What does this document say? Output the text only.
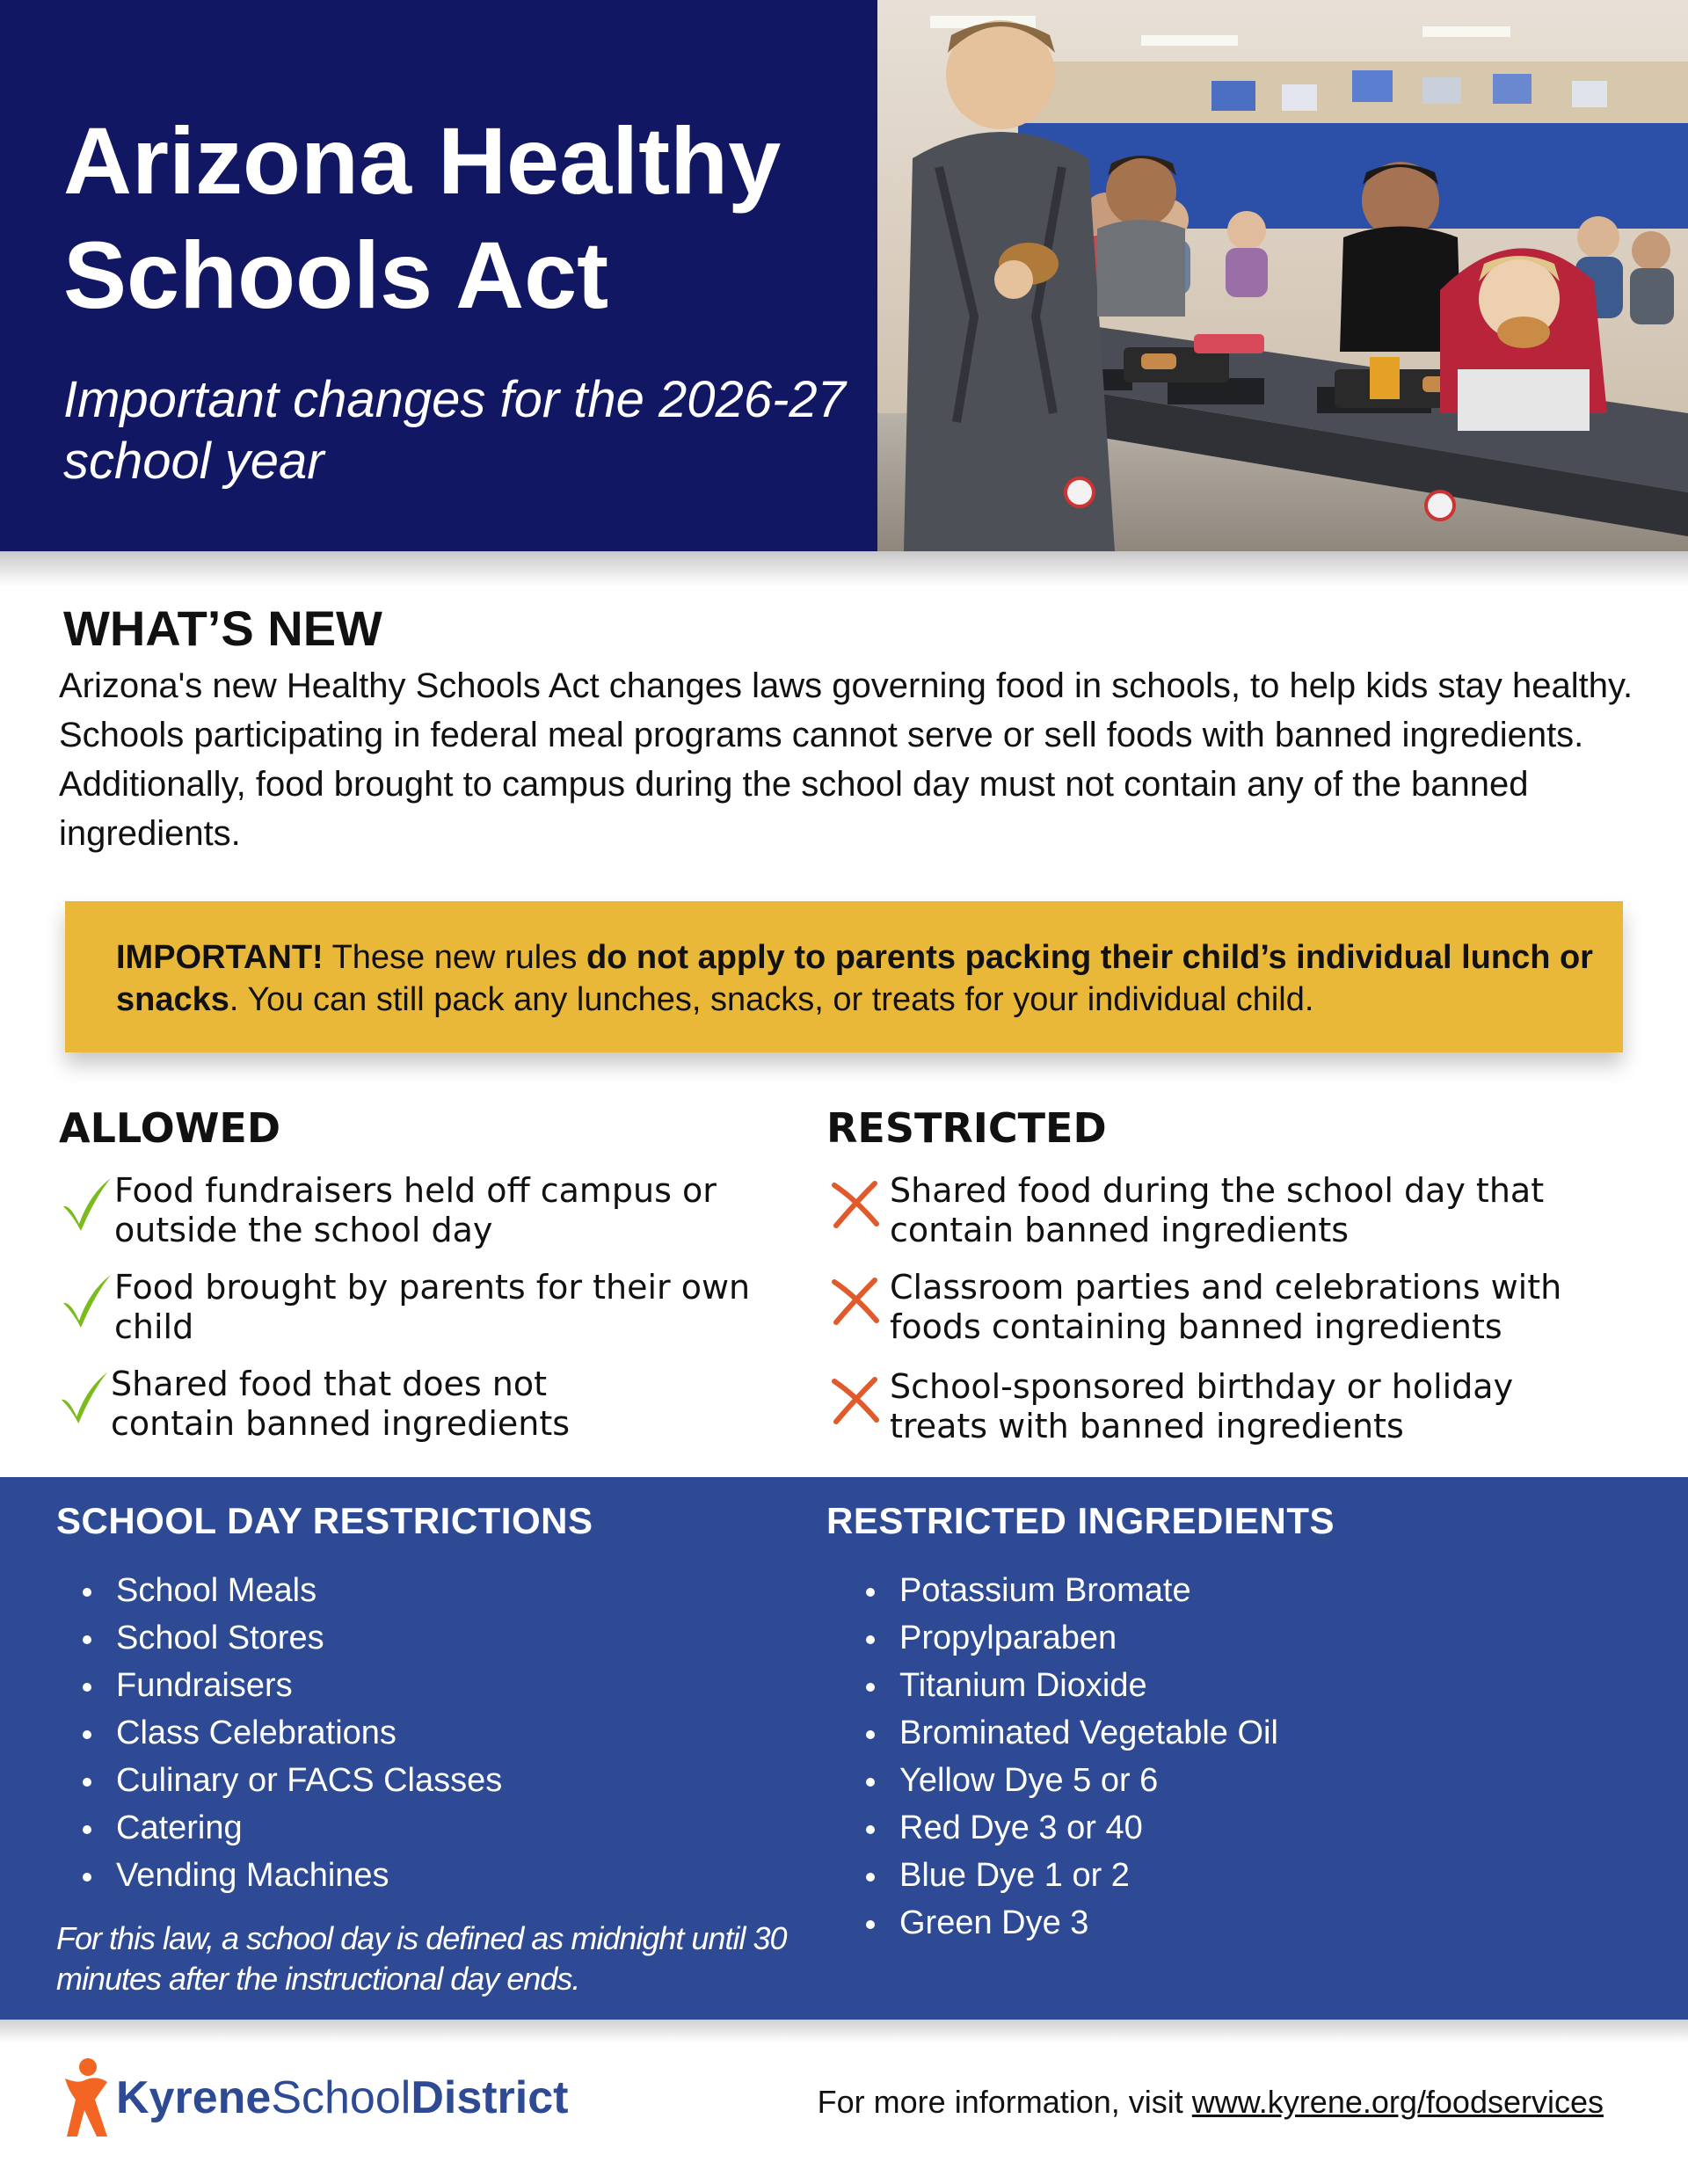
Arizona Healthy Schools Act

Important changes for the 2026-27 school year

WHAT’S NEW

Arizona's new Healthy Schools Act changes laws governing food in schools, to help kids stay healthy. Schools participating in federal meal programs cannot serve or sell foods with banned ingredients. Additionally, food brought to campus during the school day must not contain any of the banned ingredients.

IMPORTANT! These new rules do not apply to parents packing their child’s individual lunch or snacks. You can still pack any lunches, snacks, or treats for your individual child.

ALLOWED
Food fundraisers held off campus or outside the school day
Food brought by parents for their own child
Shared food that does not contain banned ingredients
RESTRICTED
Shared food during the school day that contain banned ingredients
Classroom parties and celebrations with foods containing banned ingredients
School-sponsored birthday or holiday treats with banned ingredients
SCHOOL DAY RESTRICTIONS
School Meals
School Stores
Fundraisers
Class Celebrations
Culinary or FACS Classes
Catering
Vending Machines

For this law, a school day is defined as midnight until 30 minutes after the instructional day ends.

RESTRICTED INGREDIENTS
Potassium Bromate
Propylparaben
Titanium Dioxide
Brominated Vegetable Oil
Yellow Dye 5 or 6
Red Dye 3 or 40
Blue Dye 1 or 2
Green Dye 3
KyreneSchoolDistrict	For more information, visit www.kyrene.org/foodservices
